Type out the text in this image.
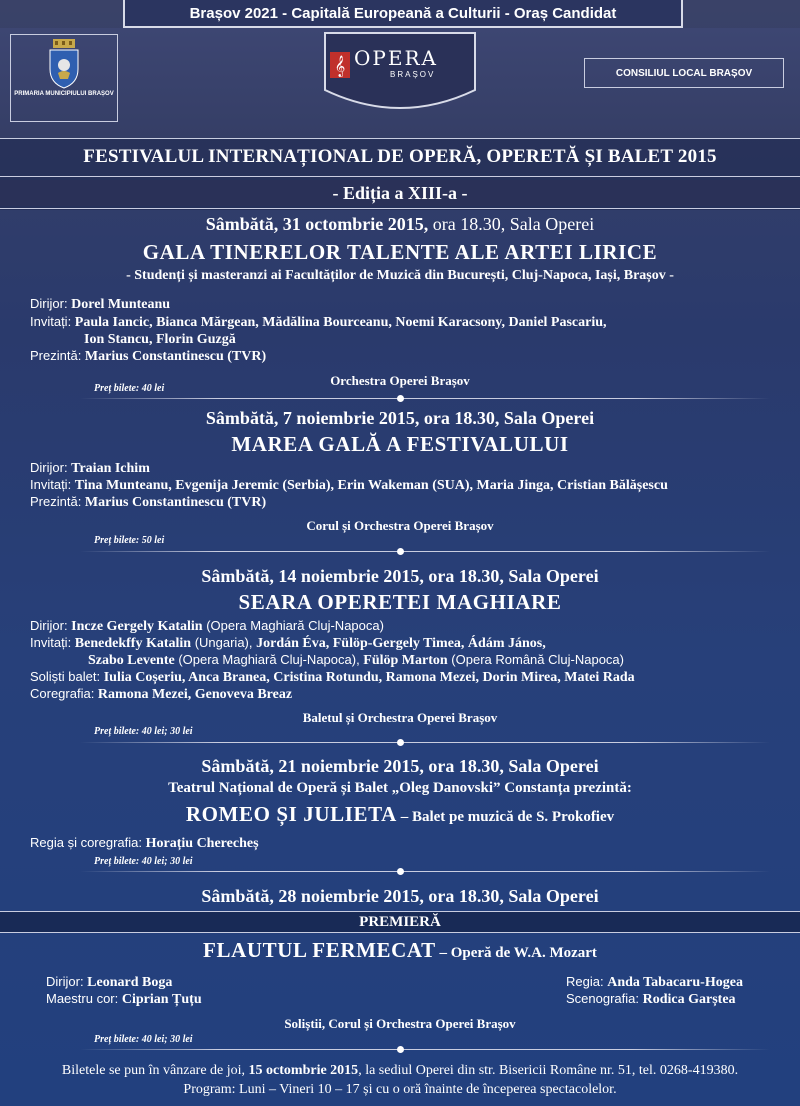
Brașov 2021 - Capitală Europeană a Culturii - Oraș Candidat
PRIMARIA MUNICIPIULUI BRAȘOV
𝄞 OPERA
BRAȘOV	CONSILIUL LOCAL BRAȘOV
FESTIVALUL INTERNAȚIONAL DE OPERĂ, OPERETĂ ȘI BALET 2015
- Ediția a XIII-a -
Sâmbătă, 31 octombrie 2015, ora 18.30, Sala Operei
GALA TINERELOR TALENTE ALE ARTEI LIRICE
- Studenți și masteranzi ai Facultăților de Muzică din București, Cluj-Napoca, Iași, Brașov -
Dirijor: Dorel Munteanu
Invitați: Paula Iancic, Bianca Mărgean, Mădălina Bourceanu, Noemi Karacsony, Daniel Pascariu,
Ion Stancu, Florin Guzgă
Prezintă: Marius Constantinescu (TVR)
Orchestra Operei Brașov
Preț bilete: 40 lei
Sâmbătă, 7 noiembrie 2015, ora 18.30, Sala Operei
MAREA GALĂ A FESTIVALULUI
Dirijor: Traian Ichim
Invitați: Tina Munteanu, Evgenija Jeremic (Serbia), Erin Wakeman (SUA), Maria Jinga, Cristian Bălășescu
Prezintă: Marius Constantinescu (TVR)
Corul și Orchestra Operei Brașov
Preț bilete: 50 lei
Sâmbătă, 14 noiembrie 2015, ora 18.30, Sala Operei
SEARA OPERETEI MAGHIARE
Dirijor: Incze Gergely Katalin (Opera Maghiară Cluj-Napoca)
Invitați: Benedekffy Katalin (Ungaria), Jordán Éva, Fülöp-Gergely Timea, Ádám János,
Szabo Levente (Opera Maghiară Cluj-Napoca), Fülöp Marton (Opera Română Cluj-Napoca)
Soliști balet: Iulia Coșeriu, Anca Branea, Cristina Rotundu, Ramona Mezei, Dorin Mirea, Matei Rada
Coregrafia: Ramona Mezei, Genoveva Breaz
Baletul și Orchestra Operei Brașov
Preț bilete: 40 lei; 30 lei
Sâmbătă, 21 noiembrie 2015, ora 18.30, Sala Operei
Teatrul Național de Operă și Balet „Oleg Danovski” Constanța prezintă:
ROMEO ȘI JULIETA – Balet pe muzică de S. Prokofiev
Regia și coregrafia: Horațiu Cherecheș
Preț bilete: 40 lei; 30 lei
Sâmbătă, 28 noiembrie 2015, ora 18.30, Sala Operei
PREMIERĂ
FLAUTUL FERMECAT – Operă de W.A. Mozart
Dirijor: Leonard Boga
Maestru cor: Ciprian Țuțu
Regia: Anda Tabacaru-Hogea
Scenografia: Rodica Garștea
Soliștii, Corul și Orchestra Operei Brașov
Preț bilete: 40 lei; 30 lei
Biletele se pun în vânzare de joi, 15 octombrie 2015, la sediul Operei din str. Bisericii Române nr. 51, tel. 0268-419380.
Program: Luni – Vineri 10 – 17 și cu o oră înainte de începerea spectacolelor.
